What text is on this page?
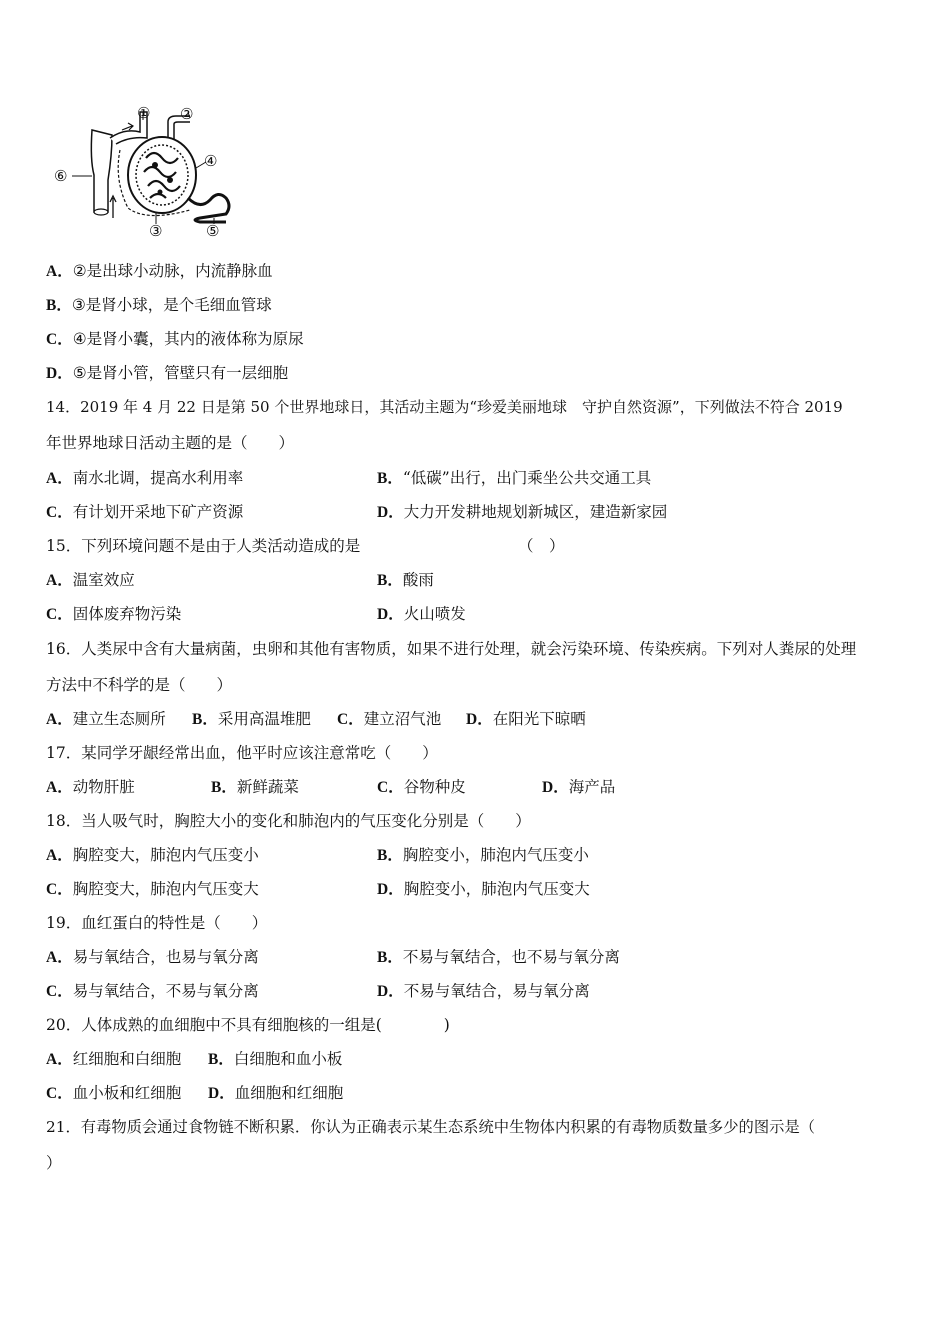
① ②
④
⑥
③	⑤
A．②是出球小动脉，内流静脉血
B．③是肾小球，是个毛细血管球
C．④是肾小囊，其内的液体称为原尿
D．⑤是肾小管，管壁只有一层细胞
14．2019 年 4 月 22 日是第 50 个世界地球日，其活动主题为“珍爱美丽地球　守护自然资源”，下列做法不符合 2019
年世界地球日活动主题的是（　　）
A．南水北调，提高水利用率	B．“低碳”出行，出门乘坐公共交通工具
C．有计划开采地下矿产资源	D．大力开发耕地规划新城区，建造新家园
15．下列环境问题不是由于人类活动造成的是	（　）
A．温室效应	B．酸雨
C．固体废弃物污染	D．火山喷发
16．人类尿中含有大量病菌，虫卵和其他有害物质，如果不进行处理，就会污染环境、传染疾病。下列对人粪尿的处理
方法中不科学的是（　　）
A．建立生态厕所 B．采用高温堆肥 C．建立沼气池 D．在阳光下晾晒
17．某同学牙龈经常出血，他平时应该注意常吃（　　）
A．动物肝脏	B．新鲜蔬菜	C．谷物种皮	D．海产品
18．当人吸气时，胸腔大小的变化和肺泡内的气压变化分别是（　　）
A．胸腔变大，肺泡内气压变小	B．胸腔变小，肺泡内气压变小
C．胸腔变大，肺泡内气压变大	D．胸腔变小，肺泡内气压变大
19．血红蛋白的特性是（　　）
A．易与氧结合，也易与氧分离	B．不易与氧结合，也不易与氧分离
C．易与氧结合，不易与氧分离	D．不易与氧结合，易与氧分离
20．人体成熟的血细胞中不具有细胞核的一组是(　　　　)
A．红细胞和白细胞 B．白细胞和血小板
C．血小板和红细胞 D．血细胞和红细胞
21．有毒物质会通过食物链不断积累．你认为正确表示某生态系统中生物体内积累的有毒物质数量多少的图示是（
）
